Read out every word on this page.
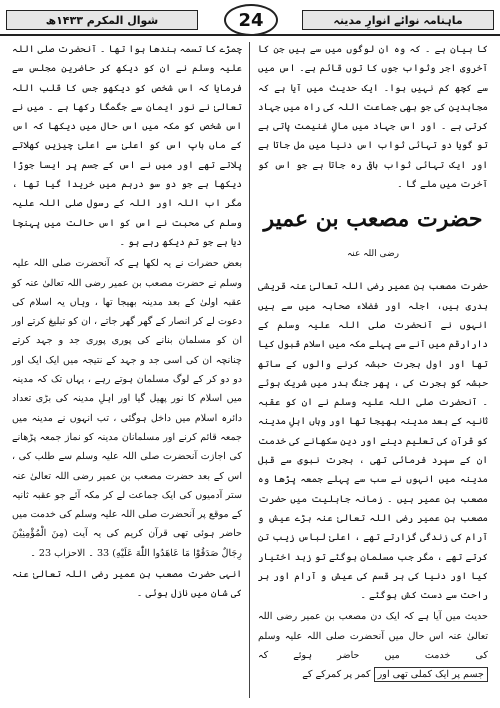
شوال المکرم ۱۴۳۳ھ	24	ماہنامہ نوائے انوارِ مدینہ

کا بیان ہے ۔ کہ وہ ان لوگوں میں سے ہیں جن کا آخروی اجر وثواب جوں کا توں قائم ہے۔ اس میں سے کچھ کم نہیں ہوا۔ ایک حدیث میں آیا ہے کہ مجاہدین کی جو بھی جماعت اللہ کی راہ میں جہاد کرتی ہے ۔ اور اس جہاد میں مالِ غنیمت پاتی ہے تو گویا دو تہائی ثواب اس دنیا میں مل جاتا ہے اور ایک تہائی ثواب باقی رہ جاتا ہے جو اس کو آخرت میں ملے گا ۔

حضرت مصعب بن عمیر رضی اللہ عنہ

حضرت مصعب بن عمیر رضی اللہ تعالیٰ عنہ قریشی بدری ہیں، اجلہ اور فضلاء صحابہ میں سے ہیں انہوں نے آنحضرت صلی اللہ علیہ وسلم کے دارارقم میں آنے سے پہلے مکہ میں اسلام قبول کیا تھا اور اول ہجرت حبشہ کرنے والوں کے ساتھ حبشہ کو ہجرت کی ، پھر جنگ بدر میں شریک ہوئے ۔ آنحضرت صلی اللہ علیہ وسلم نے ان کو عقبہ ثانیہ کے بعد مدینہ بھیجا تھا اور وہاں اہلِ مدینہ کو قرآن کی تعلیم دینے اور دین سکھانے کی خدمت ان کے سپرد فرمائی تھی ، ہجرت نبوی سے قبل مدینہ میں انہوں نے سب سے پہلے جمعہ پڑھا وہ مصعب بن عمیر ہیں ۔ زمانہ جاہلیت میں حضرت مصعب بن عمیر رضی اللہ تعالیٰ عنہ بڑے عیش و آرام کی زندگی گزارتے تھے ، اعلیٰ لباس زیب تن کرتے تھے ، مگر جب مسلمان ہوگئے تو زہد اختیار کیا اور دنیا کی ہر قسم کی عیش و آرام اور ہر راحت سے دست کش ہوگئے ۔

حدیث میں آیا ہے کہ ایک دن مصعب بن عمیر رضی اللہ تعالیٰ عنہ اس حال میں آنحضرت صلی اللہ علیہ وسلم کی خدمت میں حاضر ہوئے کہ جسم پر ایک کملی تھی اور کمر پر کمرکے کے

چمڑے کا تسمہ بندھا ہوا تھا ۔ آنحضرت صلی اللہ علیہ وسلم نے ان کو دیکھ کر حاضرین مجلس سے فرمایا کہ اس شخص کو دیکھو جس کا قلب اللہ تعالیٰ نے نور ایمان سے جگمگا رکھا ہے ۔ میں نے اس شخص کو مکہ میں اس حال میں دیکھا کہ اس کے ماں باپ اس کو اعلیٰ سے اعلیٰ چیزیں کھلاتے پلاتے تھے اور میں نے اس کے جسم پر ایسا جوڑا دیکھا ہے جو دو سو درہم میں خریدا گیا تھا ، مگر اب اللہ اور اللہ کے رسول صلی اللہ علیہ وسلم کی محبت نے اس کو اس حالت میں پہنچا دیا ہے جو تم دیکھ رہے ہو ۔

بعض حضرات نے یہ لکھا ہے کہ آنحضرت صلی اللہ علیہ وسلم نے حضرت مصعب بن عمیر رضی اللہ تعالیٰ عنہ کو عقبہ اولیٰ کے بعد مدینہ بھیجا تھا ، وہاں یہ اسلام کی دعوت لے کر انصار کے گھر گھر جاتے ، ان کو تبلیغ کرتے اور ان کو مسلمان بنانے کی پوری پوری جد و جہد کرتے چنانچہ ان کی اسی جد و جہد کے نتیجہ میں ایک ایک اور دو دو کر کے لوگ مسلمان ہوتے رہے ، یہاں تک کہ مدینہ میں اسلام کا نور پھیل گیا اور اہلِ مدینہ کی بڑی تعداد دائرہ اسلام میں داخل ہوگئی ، تب انہوں نے مدینہ میں جمعہ قائم کرنے اور مسلمانان مدینہ کو نماز جمعہ پڑھانے کی اجازت آنحضرت صلی اللہ علیہ وسلم سے طلب کی ، اس کے بعد حضرت مصعب بن عمیر رضی اللہ تعالیٰ عنہ ستر آدمیوں کی ایک جماعت لے کر مکہ آئے جو عقبہ ثانیہ کے موقع پر آنحضرت صلی اللہ علیہ وسلم کی خدمت میں حاضر ہوئی تھی قرآن کریم کی یہ آیت (مِنَ الْمُؤْمِنِيْنَ رِجَالٌ صَدَقُوْا مَا عَاهَدُوا اللّٰهَ عَلَيْهِ) 33 ۔ الاحزاب 23 ۔

انہی حضرت مصعب بن عمیر رضی اللہ تعالیٰ عنہ کی شان میں نازل ہوئی ۔
